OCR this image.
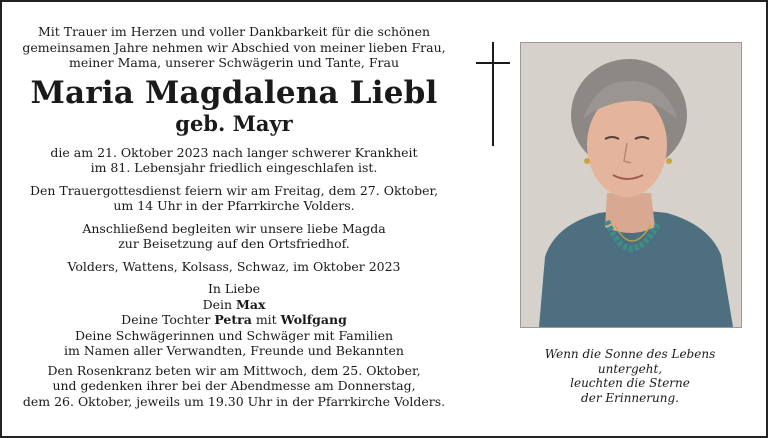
Mit Trauer im Herzen und voller Dankbarkeit für die schönen

gemeinsamen Jahre nehmen wir Abschied von meiner lieben Frau,

meiner Mama, unserer Schwägerin und Tante, Frau

Maria Magdalena Liebl
geb. Mayr

die am 21. Oktober 2023 nach langer schwerer Krankheit

im 81. Lebensjahr friedlich eingeschlafen ist.

Den Trauergottesdienst feiern wir am Freitag, dem 27. Oktober,

um 14 Uhr in der Pfarrkirche Volders.

Anschließend begleiten wir unsere liebe Magda

zur Beisetzung auf den Ortsfriedhof.

Volders, Wattens, Kolsass, Schwaz, im Oktober 2023

In Liebe

Dein Max

Deine Tochter Petra mit Wolfgang

Deine Schwägerinnen und Schwäger mit Familien

im Namen aller Verwandten, Freunde und Bekannten

Den Rosenkranz beten wir am Mittwoch, dem 25. Oktober,

und gedenken ihrer bei der Abendmesse am Donnerstag,

dem 26. Oktober, jeweils um 19.30 Uhr in der Pfarrkirche Volders.

Wenn die Sonne des Lebens

untergeht,

leuchten die Sterne

der Erinnerung.
